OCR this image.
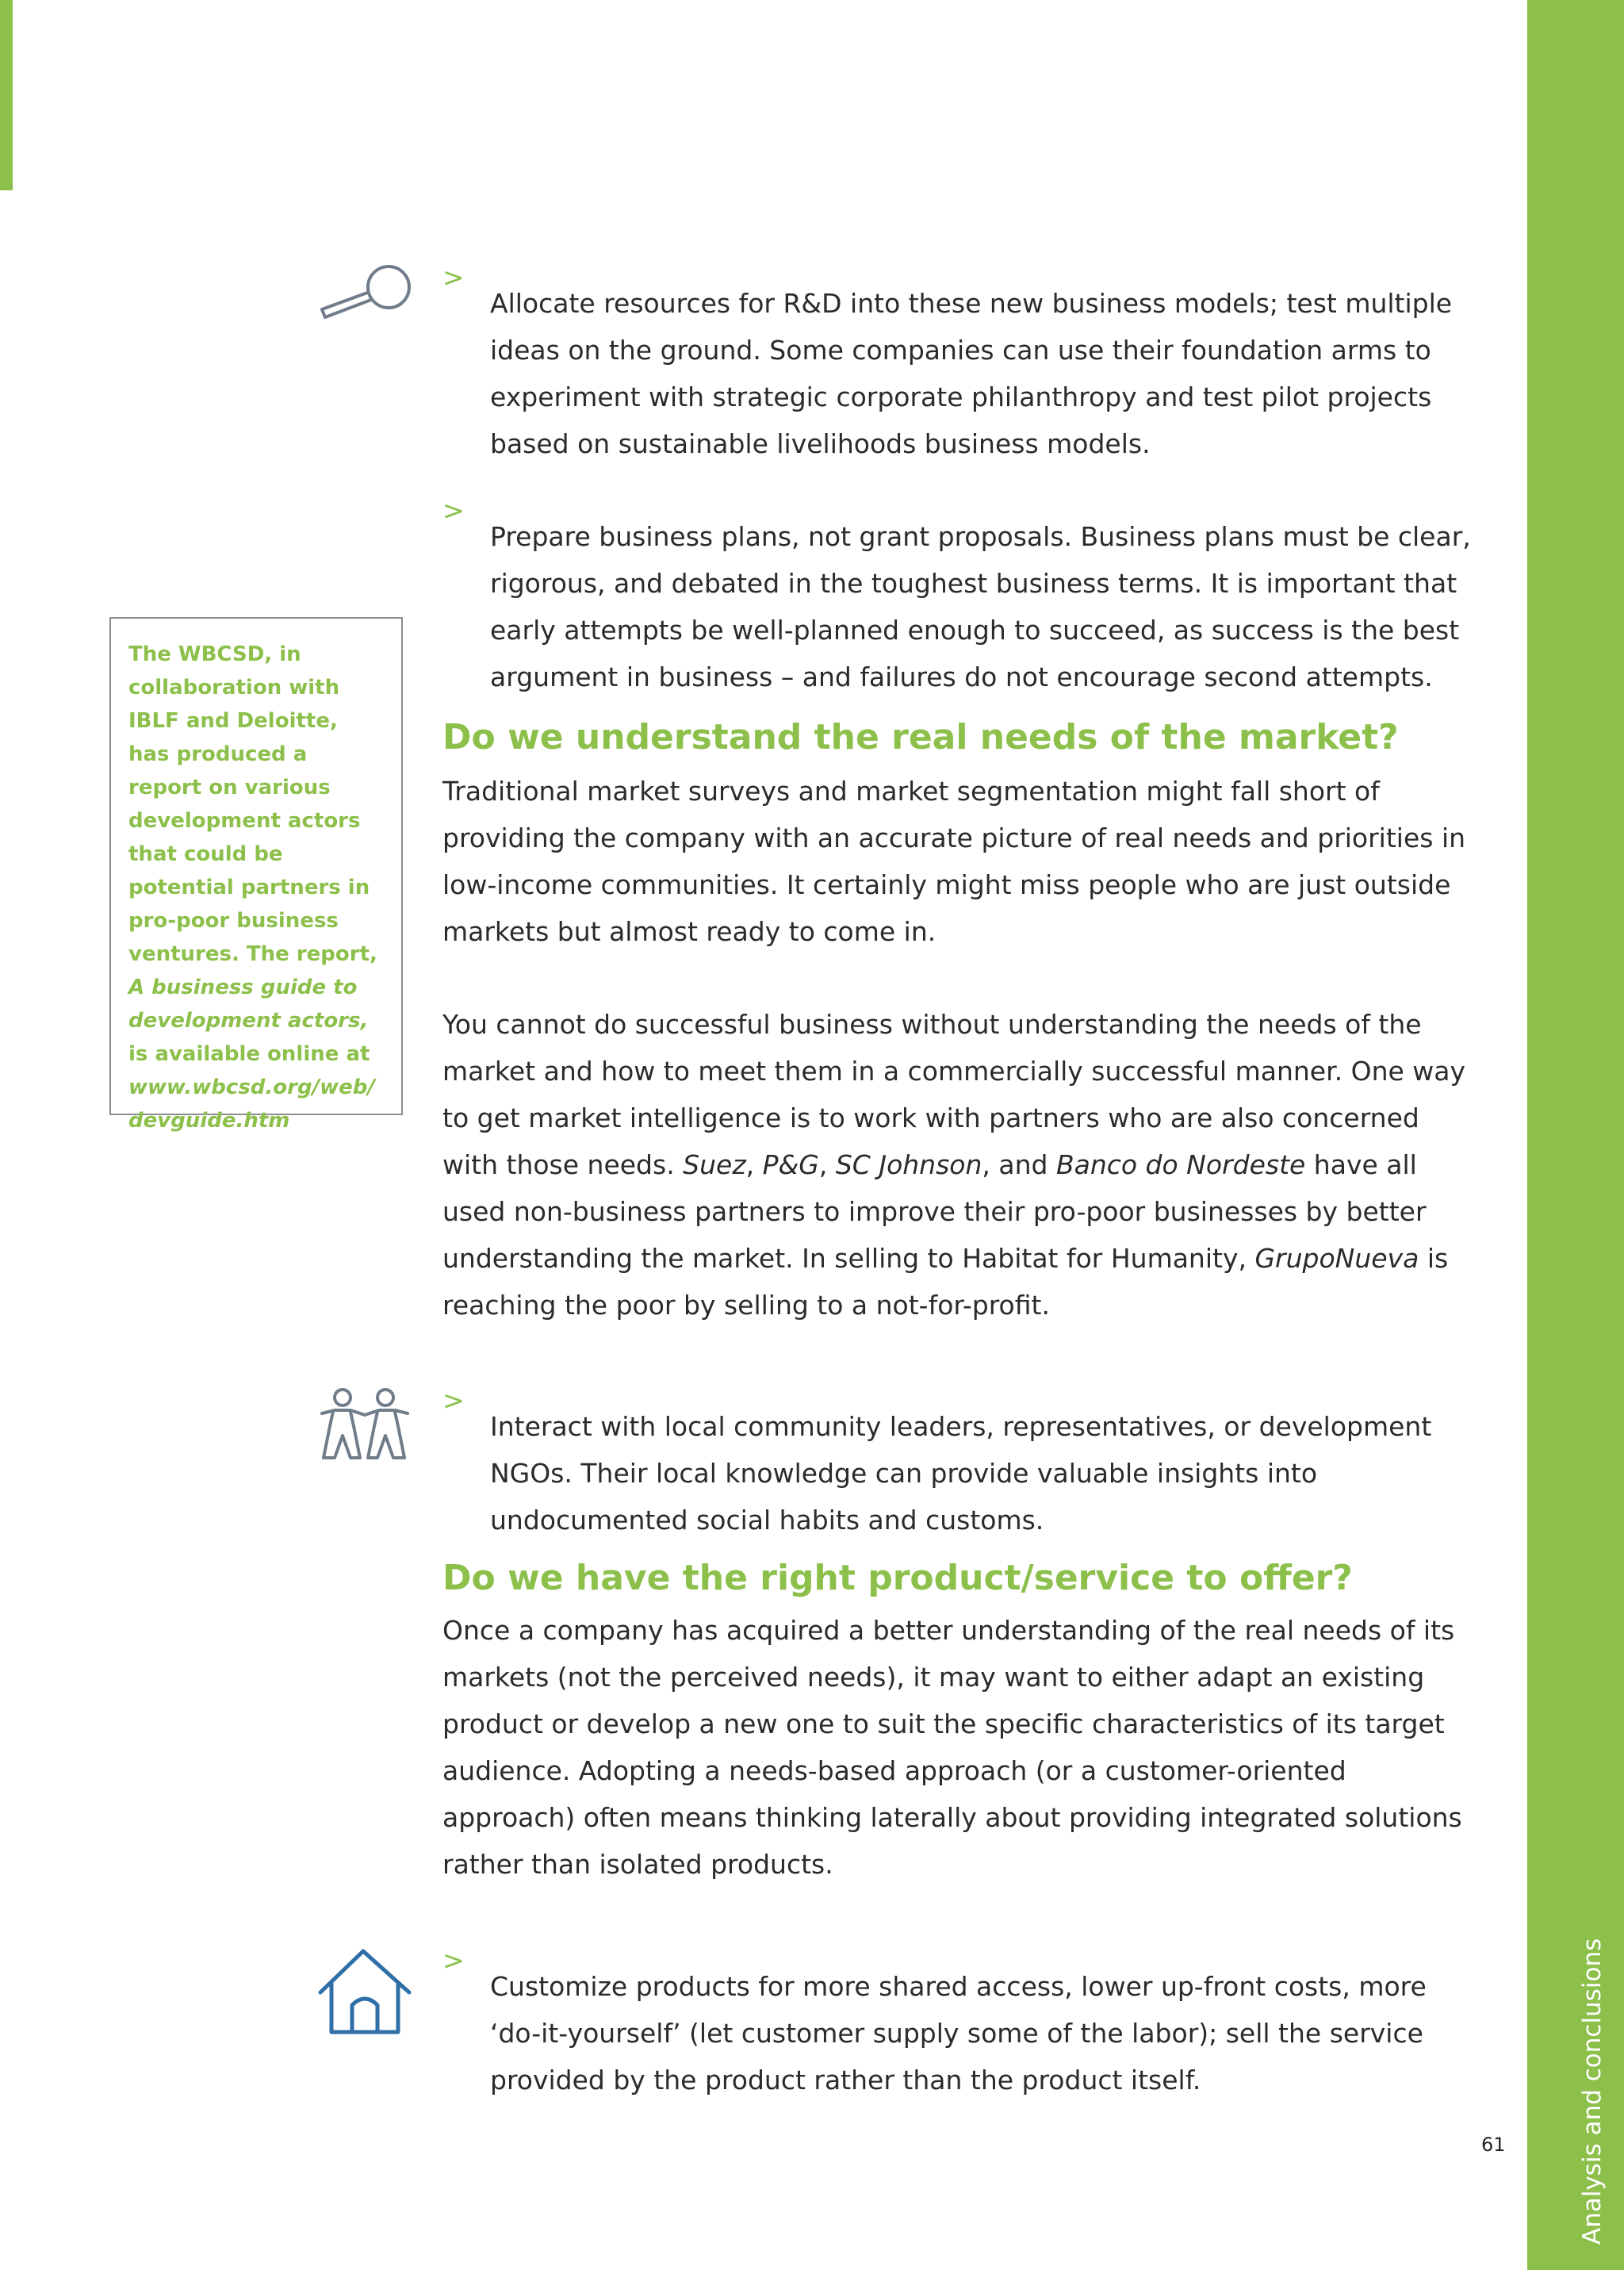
Analysis and conclusions
>

Allocate resources for R&D into these new business models; test multiple ideas on the ground. Some companies can use their foundation arms to experiment with strategic corporate philanthropy and test pilot projects based on sustainable livelihoods business models.

>

Prepare business plans, not grant proposals. Business plans must be clear, rigorous, and debated in the toughest business terms. It is important that early attempts be well-planned enough to succeed, as success is the best argument in business – and failures do not encourage second attempts.

The WBCSD, in collaboration with IBLF and Deloitte, has produced a report on various development actors that could be potential partners in pro-poor business ventures. The report, A business guide to development actors, is available online at www.wbcsd.org/web/ devguide.htm
Do we understand the real needs of the market?

Traditional market surveys and market segmentation might fall short of providing the company with an accurate picture of real needs and priorities in low-income communities. It certainly might miss people who are just outside markets but almost ready to come in.

You cannot do successful business without understanding the needs of the market and how to meet them in a commercially successful manner. One way to get market intelligence is to work with partners who are also concerned with those needs. Suez, P&G, SC Johnson, and Banco do Nordeste have all used non-business partners to improve their pro-poor businesses by better understanding the market. In selling to Habitat for Humanity, GrupoNueva is reaching the poor by selling to a not-for-profit.

>

Interact with local community leaders, representatives, or development NGOs. Their local knowledge can provide valuable insights into undocumented social habits and customs.

Do we have the right product/service to offer?

Once a company has acquired a better understanding of the real needs of its markets (not the perceived needs), it may want to either adapt an existing product or develop a new one to suit the specific characteristics of its target audience. Adopting a needs-based approach (or a customer-oriented approach) often means thinking laterally about providing integrated solutions rather than isolated products.

>

Customize products for more shared access, lower up-front costs, more ‘do-it-yourself’ (let customer supply some of the labor); sell the service provided by the product rather than the product itself.

61
